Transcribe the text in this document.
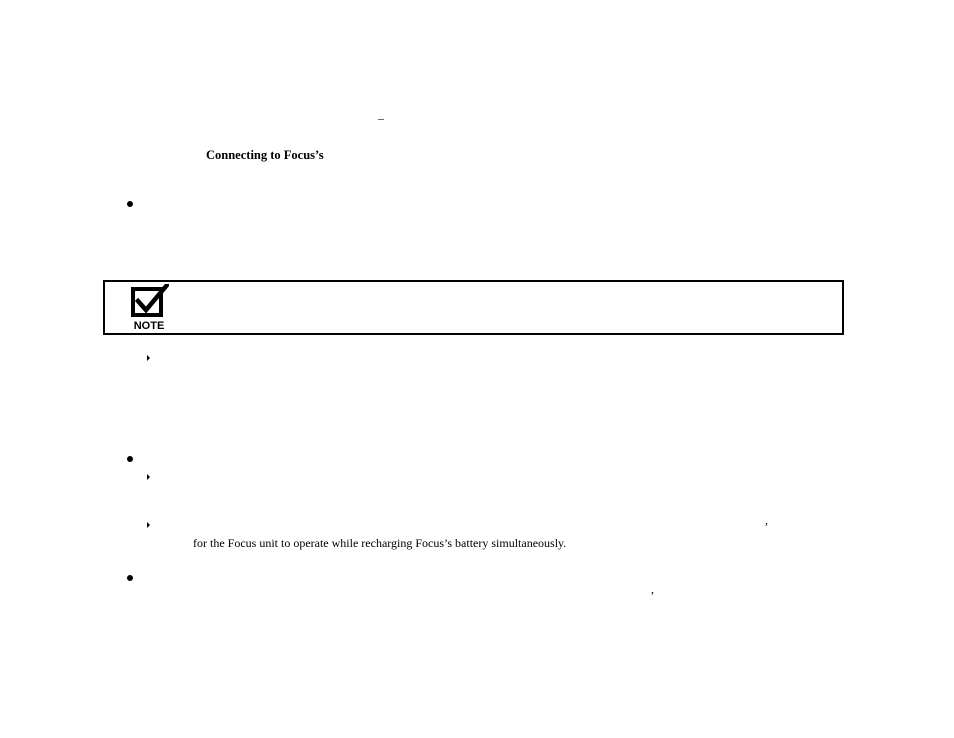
–
Connecting to Focus’s
NOTE
,
for the Focus unit to operate while recharging Focus’s battery simultaneously.
,
